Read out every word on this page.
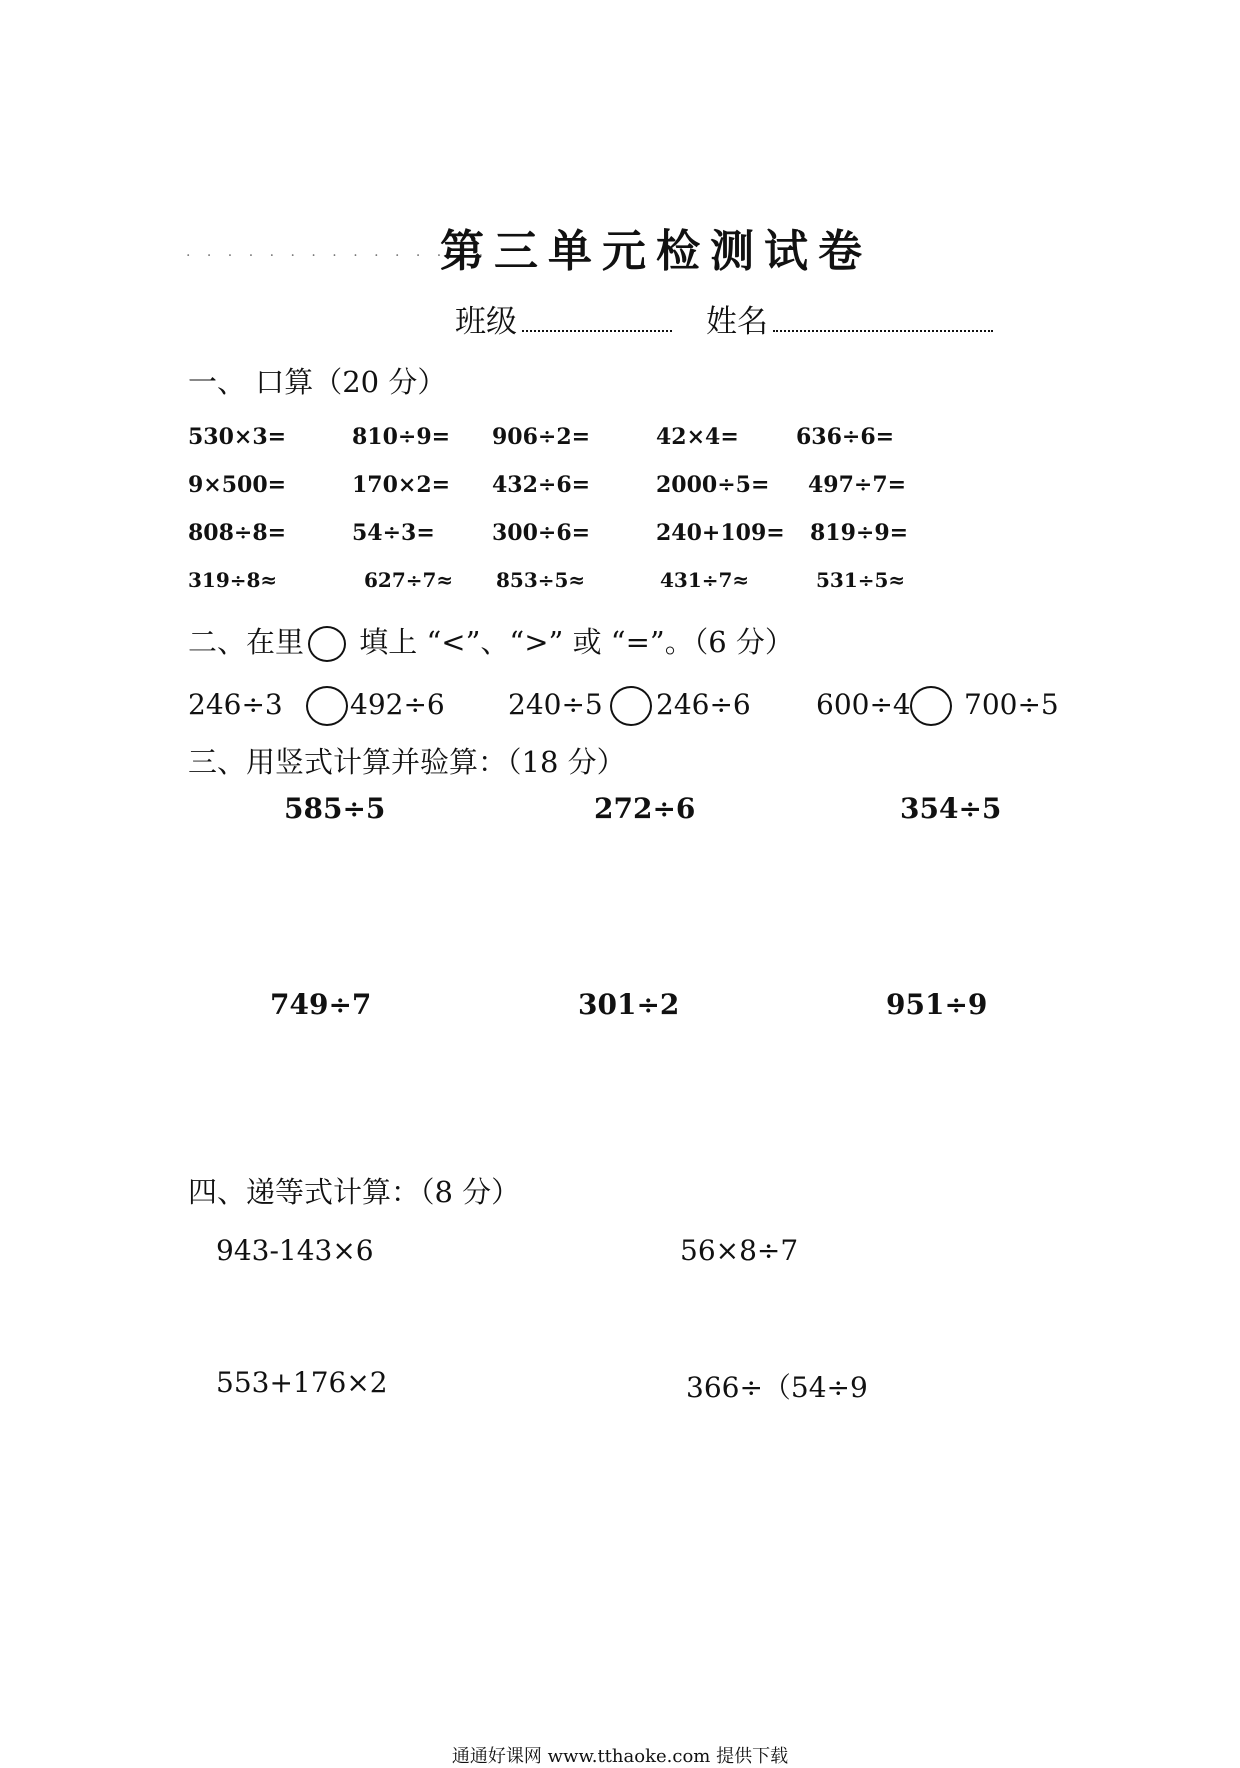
· · · · · · · · · · · · · · ·
第三单元检测试卷
班级	姓名
一、 口算（20 分）
530×3=	810÷9= 906÷2=	42×4=	636÷6=
9×500=	170×2= 432÷6=	2000÷5= 497÷7=
808÷8=	54÷3=	300÷6=	240+109= 819÷9=
319÷8≈	627÷7≈ 853÷5≈	431÷7≈	531÷5≈
二、在里 填上 “<”、“>” 或 “=”。（6 分）
246÷3 492÷6 240÷5 246÷6 600÷4 700÷5
三、用竖式计算并验算：（18 分）
585÷5	272÷6	354÷5
749÷7	301÷2	951÷9
四、递等式计算：（8 分）
943-143×6	56×8÷7
553+176×2	366÷（54÷9
通通好课网 www.tthaoke.com 提供下载
